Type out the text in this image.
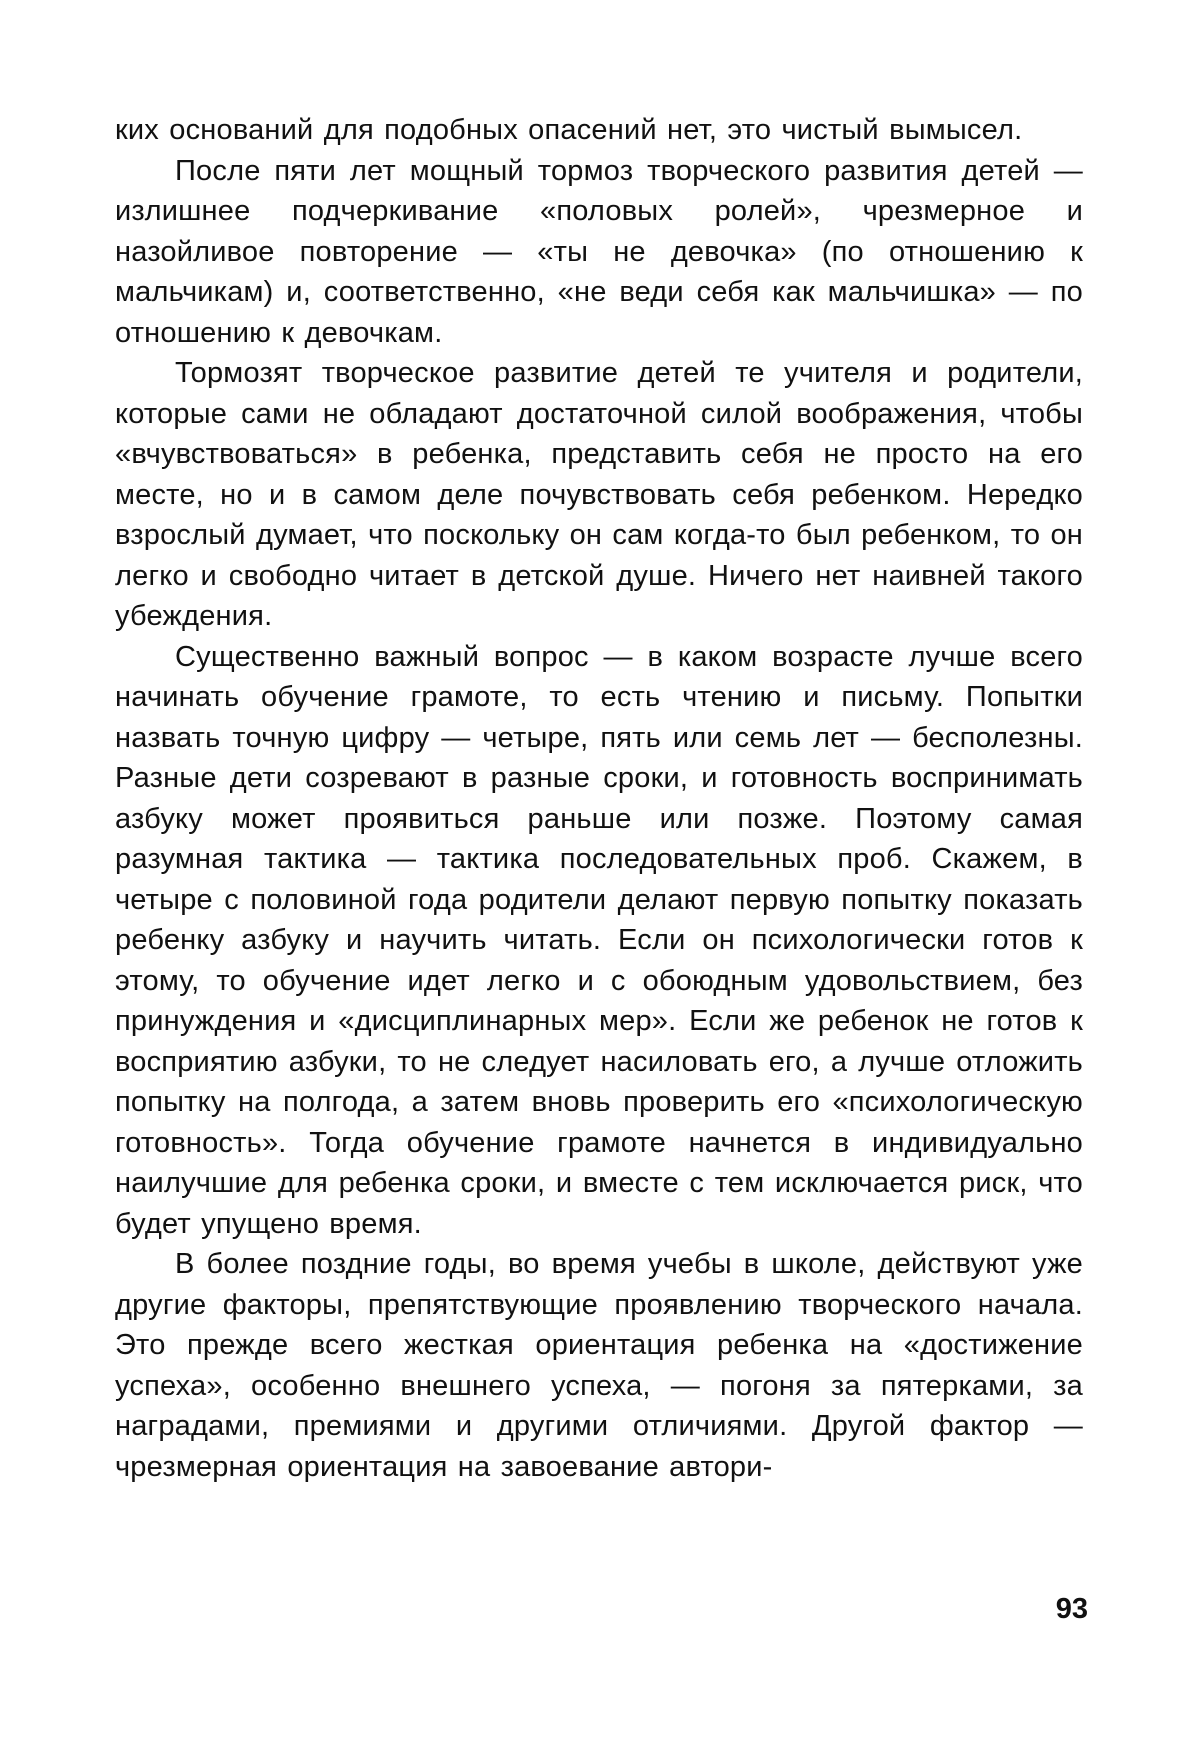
ких оснований для подобных опасений нет, это чистый вымысел.

После пяти лет мощный тормоз творческого развития детей — излишнее подчеркивание «половых ролей», чрезмерное и назойливое повторение — «ты не девочка» (по отношению к мальчикам) и, соответственно, «не веди себя как мальчишка» — по отношению к девочкам.

Тормозят творческое развитие детей те учителя и родители, которые сами не обладают достаточной силой воображения, чтобы «вчувствоваться» в ребенка, представить себя не просто на его месте, но и в самом деле почувствовать себя ребенком. Нередко взрослый думает, что поскольку он сам когда-то был ребенком, то он легко и свободно читает в детской душе. Ничего нет наивней такого убеждения.

Существенно важный вопрос — в каком возрасте лучше всего начинать обучение грамоте, то есть чтению и письму. Попытки назвать точную цифру — четыре, пять или семь лет — бесполезны. Разные дети созревают в разные сроки, и готовность воспринимать азбуку может проявиться раньше или позже. Поэтому самая разумная тактика — тактика последовательных проб. Скажем, в четыре с половиной года родители делают первую попытку показать ребенку азбуку и научить читать. Если он психологически готов к этому, то обучение идет легко и с обоюдным удовольствием, без принуждения и «дисциплинарных мер». Если же ребенок не готов к восприятию азбуки, то не следует насиловать его, а лучше отложить попытку на полгода, а затем вновь проверить его «психологическую готовность». Тогда обучение грамоте начнется в индивидуально наилучшие для ребенка сроки, и вместе с тем исключается риск, что будет упущено время.

В более поздние годы, во время учебы в школе, действуют уже другие факторы, препятствующие проявлению творческого начала. Это прежде всего жесткая ориентация ребенка на «достижение успеха», особенно внешнего успеха, — погоня за пятерками, за наградами, премиями и другими отличиями. Другой фактор — чрезмерная ориентация на завоевание автори-

93
